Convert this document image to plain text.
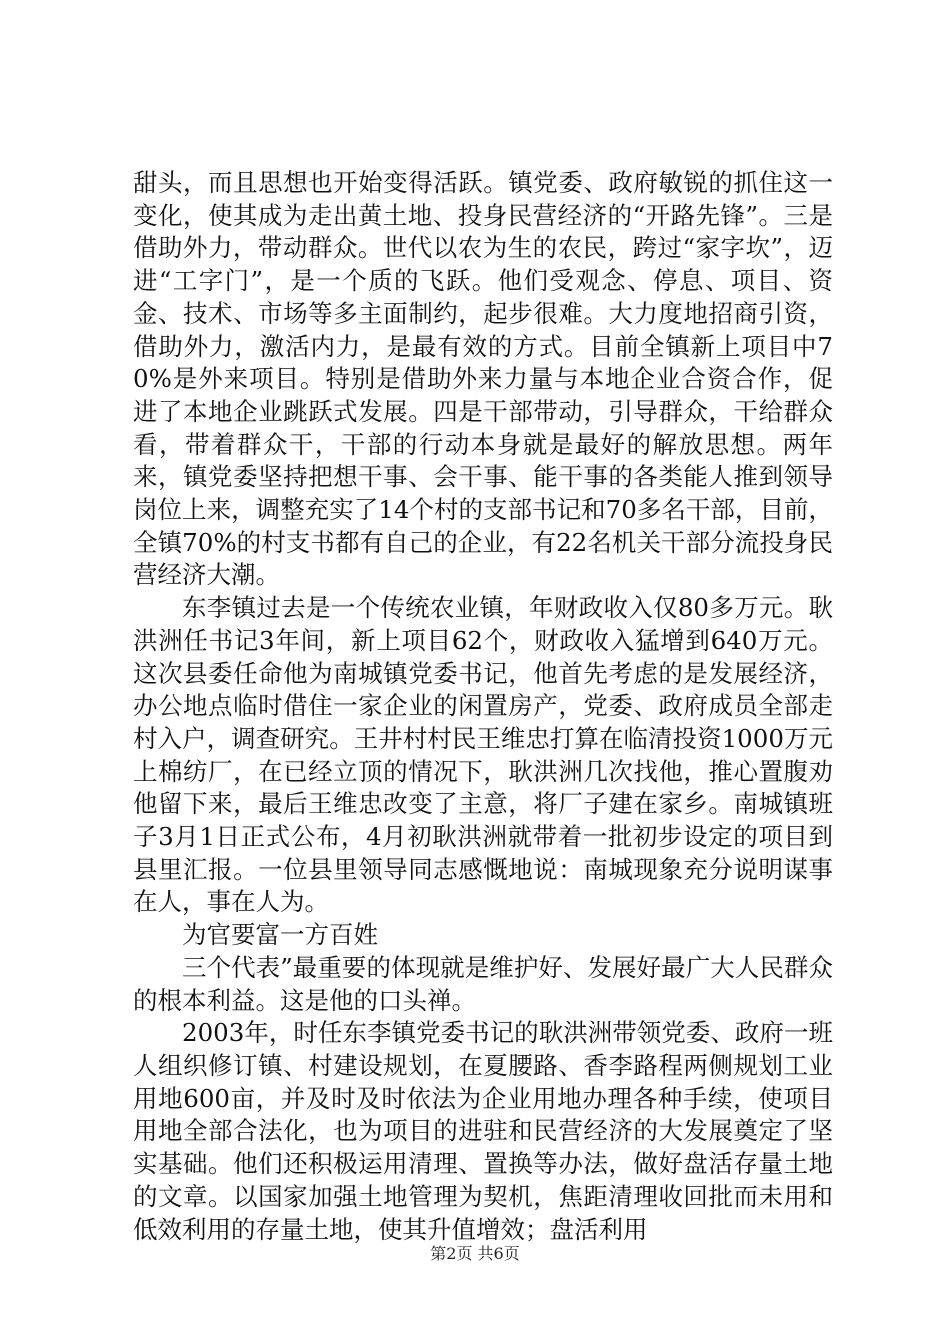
甜头，而且思想也开始变得活跃。镇党委、政府敏锐的抓住这一变化，使其成为走出黄土地、投身民营经济的“开路先锋”。三是借助外力，带动群众。世代以农为生的农民，跨过“家字坎”，迈进“工字门”，是一个质的飞跃。他们受观念、停息、项目、资金、技术、市场等多主面制约，起步很难。大力度地招商引资，借助外力，激活内力，是最有效的方式。目前全镇新上项目中70%是外来项目。特别是借助外来力量与本地企业合资合作，促进了本地企业跳跃式发展。四是干部带动，引导群众，干给群众看，带着群众干，干部的行动本身就是最好的解放思想。两年来，镇党委坚持把想干事、会干事、能干事的各类能人推到领导岗位上来，调整充实了14个村的支部书记和70多名干部，目前，全镇70%的村支书都有自己的企业，有22名机关干部分流投身民营经济大潮。

东李镇过去是一个传统农业镇，年财政收入仅80多万元。耿洪洲任书记3年间，新上项目62个，财政收入猛增到640万元。这次县委任命他为南城镇党委书记，他首先考虑的是发展经济，办公地点临时借住一家企业的闲置房产，党委、政府成员全部走村入户，调查研究。王井村村民王维忠打算在临清投资1000万元上棉纺厂，在已经立顶的情况下，耿洪洲几次找他，推心置腹劝他留下来，最后王维忠改变了主意，将厂子建在家乡。南城镇班子3月1日正式公布，4月初耿洪洲就带着一批初步设定的项目到县里汇报。一位县里领导同志感慨地说：南城现象充分说明谋事在人，事在人为。

为官要富一方百姓

三个代表”最重要的体现就是维护好、发展好最广大人民群众的根本利益。这是他的口头禅。

2003年，时任东李镇党委书记的耿洪洲带领党委、政府一班人组织修订镇、村建设规划，在夏腰路、香李路程两侧规划工业用地600亩，并及时及时依法为企业用地办理各种手续，使项目用地全部合法化，也为项目的进驻和民营经济的大发展奠定了坚实基础。他们还积极运用清理、置换等办法，做好盘活存量土地的文章。以国家加强土地管理为契机，焦距清理收回批而未用和低效利用的存量土地，使其升值增效；盘活利用

第2页 共6页
